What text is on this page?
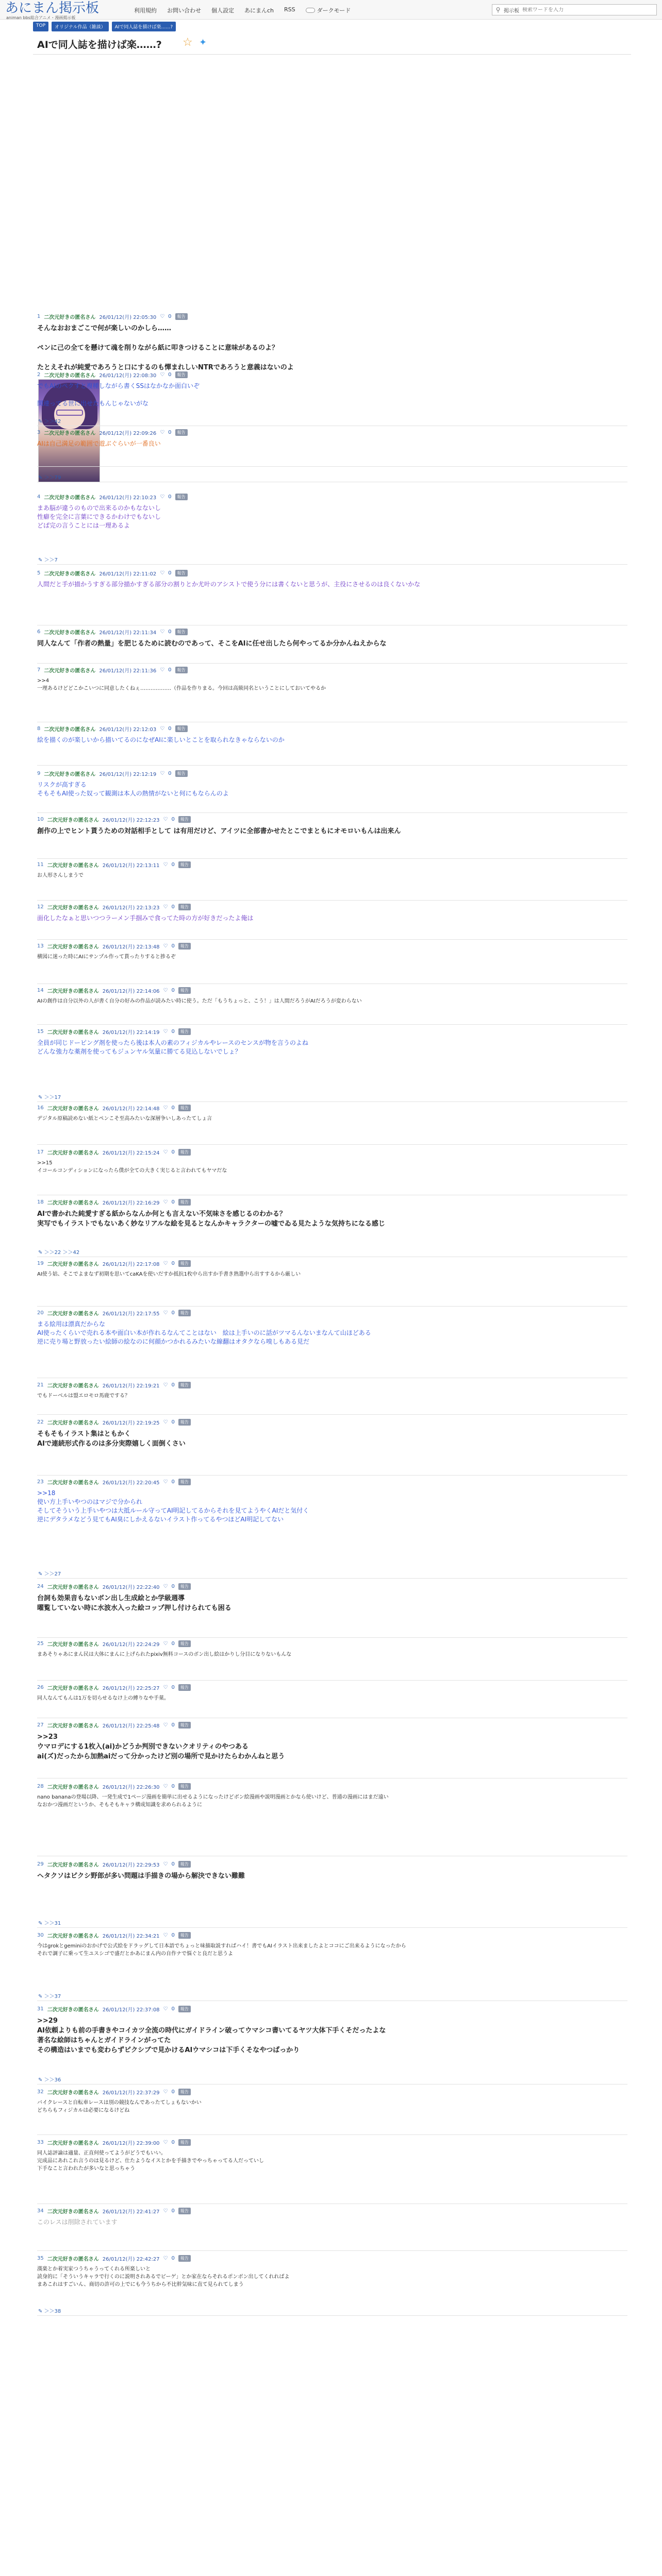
あにまん掲示板
animan bbs総合アニメ・漫画掲示板
利用規約 お問い合わせ 個人設定 あにまんch RSS	ダークモード	⚲ 掲示板
検索ワードを入力
TOP	オリジナル作品（雑談）	AIで同人誌を描けば楽……?
AIで同人誌を描けば楽……? ☆ ✦
1 二次元好きの匿名さん 26/01/12(月) 22:05:30 ♡ 0	報告
そんなおおまごこで何が楽しいのかしら……

ペンに己の全てを懸けて魂を削りながら紙に叩きつけることに意味があるのよ？

たとえそれが純愛であろうと口にするのも憚まれしいNTRであろうと意義はないのよ
✎ ＞＞79
2 二次元好きの匿名さん 26/01/12(月) 22:08:30 ♡ 0	報告
でもAIのペクすと複種しながら書くSSはなかなか面白いぞ

関連ってる世に出せたもんじゃないがな
✎ ＞＞42
3 二次元好きの匿名さん 26/01/12(月) 22:09:26 ♡ 0	報告
AIは自己満足の範囲で遊ぶぐらいが一番良い
4 二次元好きの匿名さん 26/01/12(月) 22:10:23 ♡ 0	報告
まあ脳が違うのもので出来るのかもなないし
性癖を完全に言葉にできるかわけでもないし
どば完の言うことには一理あるよ
✎ ＞＞7
5 二次元好きの匿名さん 26/01/12(月) 22:11:02 ♡ 0	報告
人間だと手が描かうすぎる部分描かすぎる部分の割りとか尤叶のアシストで使う分には書くないと思うが、主役にさせるのは良くないかな
6 二次元好きの匿名さん 26/01/12(月) 22:11:34 ♡ 0	報告
同人なんて「作者の熱量」を肥じるために読むのであって、そこをAIに任せ出したら何やってるか分かんねえからな
7 二次元好きの匿名さん 26/01/12(月) 22:11:36 ♡ 0	報告
>>4
一理あるけどどこかこいつに同意したくねぇ………………（作品を作りまる。今回は高級同名ということにしておいてやるか
8 二次元好きの匿名さん 26/01/12(月) 22:12:03 ♡ 0	報告
絵を描くのが楽しいから描いてるのになぜAIに楽しいとことを取られなきゃならないのか
9 二次元好きの匿名さん 26/01/12(月) 22:12:19 ♡ 0	報告
リスクが高すぎる
そもそもAI使った奴って観測は本人の熱情がないと何にもならんのよ
10 二次元好きの匿名さん 26/01/12(月) 22:12:23 ♡ 0	報告
創作の上でヒント貰うための対話相手として は有用だけど、アイツに全部書かせたとこでまともにオモロいもんは出来ん
11 二次元好きの匿名さん 26/01/12(月) 22:13:11 ♡ 0	報告
お人形さんしまうで
12 二次元好きの匿名さん 26/01/12(月) 22:13:23 ♡ 0	報告
面化したなぁと思いつつラーメン手掴みで食ってた時の方が好きだったよ俺は
13 二次元好きの匿名さん 26/01/12(月) 22:13:48 ♡ 0	報告
横図に迷った時にAIにサンプル作って貰ったりすると捗るぞ
14 二次元好きの匿名さん 26/01/12(月) 22:14:06 ♡ 0	報告
AIの創作は自分以外の人が書く自分の好みの作品が読みたい時に使う。ただ「もうちょっと、こう！」は人間だろうがAIだろうが変わらない
15 二次元好きの匿名さん 26/01/12(月) 22:14:19 ♡ 0	報告
全員が同じドーピング剤を使ったら後は本人の素のフィジカルやレースのセンスが物を言うのよね
どんな強力な薬剤を使ってもジュンヤル気量に勝てる見込しないでしょ？
✎ ＞＞17
16 二次元好きの匿名さん 26/01/12(月) 22:14:48 ♡ 0	報告
デジタル原稿読めない紙とペンこそ至高みたいな深層争いしあったてしょ言
17 二次元好きの匿名さん 26/01/12(月) 22:15:24 ♡ 0	報告
>>15
イコールコンディションになったら僕が全ての大きく実じると言われてもヤマだな
18 二次元好きの匿名さん 26/01/12(月) 22:16:29 ♡ 0	報告
AIで書かれた純愛すぎる紙からなんか何とも言えない不気味さを感じるのわかる？
実写でもイラストでもないあく妙なリアルな絵を見るとなんかキャラクターの嘘でゐる見たような気持ちになる感じ
✎ ＞＞22 ＞＞42
19 二次元好きの匿名さん 26/01/12(月) 22:17:08 ♡ 0	報告
AI使う姑、そこでよまなず初期を思いてcaKAを使いだすか抵抗1枚中ら出すか手書き熟選中ら出すするから厳しい
20 二次元好きの匿名さん 26/01/12(月) 22:17:55 ♡ 0	報告
まる絵用は漂真だからな
AI使ったくらいで売れる本や面白い本が作れるなんてことはない　絵は上手いのに話がツマるんないまなんて山ほどある
逆に売り場と野放ったい絵師の絵なのに何顔かつかれるみたいな線翻はオタクなら嗅しもある見だ
21 二次元好きの匿名さん 26/01/12(月) 22:19:21 ♡ 0	報告
でもドーベルは盟エロモロ馬鹿でする？
22 二次元好きの匿名さん 26/01/12(月) 22:19:25 ♡ 0	報告
そもそもイラスト集はともかく
AIで連続形式作るのは多分実際嬉しく面倒くさい
23 二次元好きの匿名さん 26/01/12(月) 22:20:45 ♡ 0	報告
>>18
使い方上手いやつのはマジで分かられ
そしてそういう上手いやつは大抵ルール守ってAI明記してるからそれを見てようやくAIだと気付く
逆にデタラメなどう見てもAI臭にしかえるないイラスト作ってるやつほどAI明記してない
✎ ＞＞27
24 二次元好きの匿名さん 26/01/12(月) 22:22:40 ♡ 0	報告
台詞も効果音もないボン出し生成絵とか学級週導
曜覧していない時に水波水入った絵コップ押し付けられても困る
25 二次元好きの匿名さん 26/01/12(月) 22:24:29 ♡ 0	報告
まあそりゃあにまん民は大体にまんに上げられたpixiv無料コースのボン出し絵はかりし分目になりないもんな
26 二次元好きの匿名さん 26/01/12(月) 22:25:27 ♡ 0	報告
同人なんてもんは1万を切らせるなけ上の縛りなや手菓。
27 二次元好きの匿名さん 26/01/12(月) 22:25:48 ♡ 0	報告
>>23
ウマロデにする1枚入(ai)かどうか判別できないクオリティのやつある
ai(ズ)だったから加熱aiだって分かったけど別の場所で見かけたらわかんねと思う
28 二次元好きの匿名さん 26/01/12(月) 22:26:30 ♡ 0	報告
nano bananaの登場以降、一発生成で1ページ漫画を簡単に出せるようになったけどボン絵漫画や説明漫画とかなら使いけど、普通の漫画にはまだ遠い
なおかつ漫画だというか、そもそもキャラ構成知識を求められるように
29 二次元好きの匿名さん 26/01/12(月) 22:29:53 ♡ 0	報告
ヘタクソはピクシ野郎が多い問題は手描きの場から解決できない難難
✎ ＞＞31
30 二次元好きの匿名さん 26/01/12(月) 22:34:21 ♡ 0	報告
今はgrokとgeminiのおかげで公式絵をドラッグして日本語でちょっと味描取説すればハイ！書でもAIイラスト出来ましたよとココにご出来るようになったから
それで調子に乗って生ユスシゴで盛だとかあにまん内の自作ナで悩ぐと良だと思うよ
✎ ＞＞37
31 二次元好きの匿名さん 26/01/12(月) 22:37:08 ♡ 0	報告
>>29
AI依頼よりも前の手書きやコイカツ全流の時代にガイドライン破ってウマシコ書いてるヤツ大体下手くそだったよな
著名な絵師はちゃんとガイドラインがってた
その構造はいまでも変わらずピクシブで見かけるAIウマシコは下手くそなやつばっかり
✎ ＞＞36
32 二次元好きの匿名さん 26/01/12(月) 22:37:29 ♡ 0	報告
バイクレースと自転車レースは別の競技なんであったてしょもないかい
どちらもフィジカルは必要になるけどね
33 二次元好きの匿名さん 26/01/12(月) 22:39:00 ♡ 0	報告
同人誌評論は適量、正直何使ってようがどうでもいい。
完成品にあれこれ言うのは見るけど、仕たようなイスとかを手描きでやっちゃってる人だっていし
下手なこと言われたが多いなと思っちゃう
34 二次元好きの匿名さん 26/01/12(月) 22:41:27 ♡ 0	報告
このレスは削除されています
35 二次元好きの匿名さん 26/01/12(月) 22:42:27 ♡ 0	報告
漢楽とか着実家つうちゃうってくれる所楽しいと
読身的に「そういうキャラで行くのに説明されあるでビーゲ」とか家在ならそれるポンボン出してくれればよ
まあこれはすごいん、商切の許可の上でにも今うちから不比幹気味に直て見られてしまう
✎ ＞＞38
